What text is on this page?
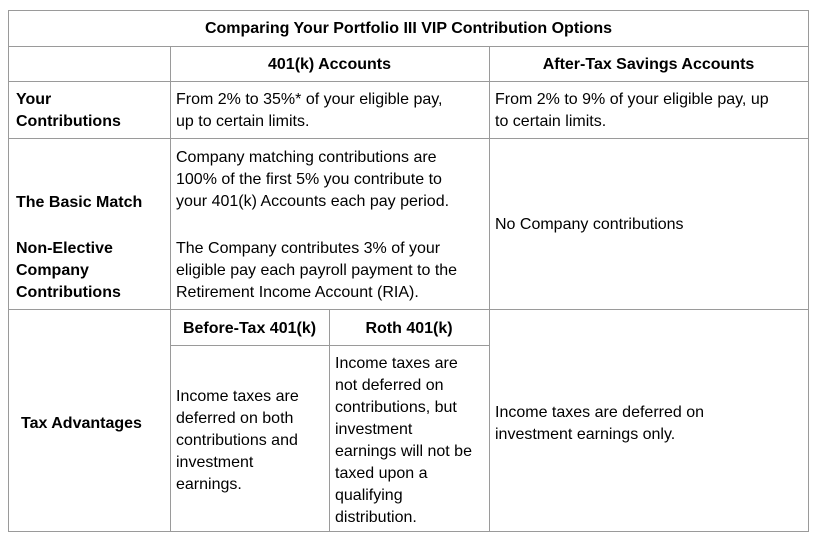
Comparing Your Portfolio III VIP Contribution Options
401(k) Accounts	After-Tax Savings Accounts
Your
Contributions
From 2% to 35%* of your eligible pay,
up to certain limits.
From 2% to 9% of your eligible pay, up
to certain limits.
The Basic Match
Company matching contributions are
100% of the first 5% you contribute to
your 401(k) Accounts each pay period.
Non-Elective
Company
Contributions
The Company contributes 3% of your
eligible pay each payroll payment to the
Retirement Income Account (RIA).
No Company contributions
Tax Advantages
Before-Tax 401(k)	Roth 401(k)
Income taxes are
deferred on both
contributions and
investment
earnings.
Income taxes are
not deferred on
contributions, but
investment
earnings will not be
taxed upon a
qualifying
distribution.
Income taxes are deferred on
investment earnings only.
